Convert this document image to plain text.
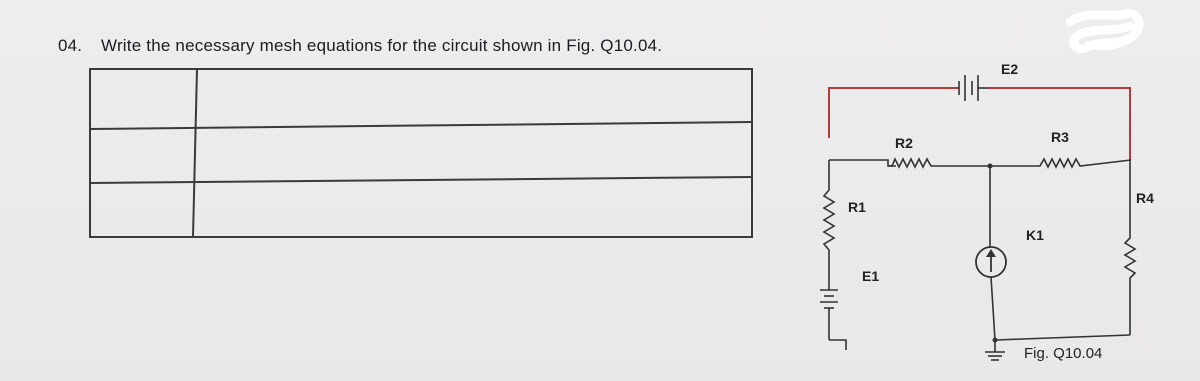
04. Write the necessary mesh equations for the circuit shown in Fig. Q10.04.
E2
R2	R3
R1
E1
K1
R4
Fig. Q10.04
